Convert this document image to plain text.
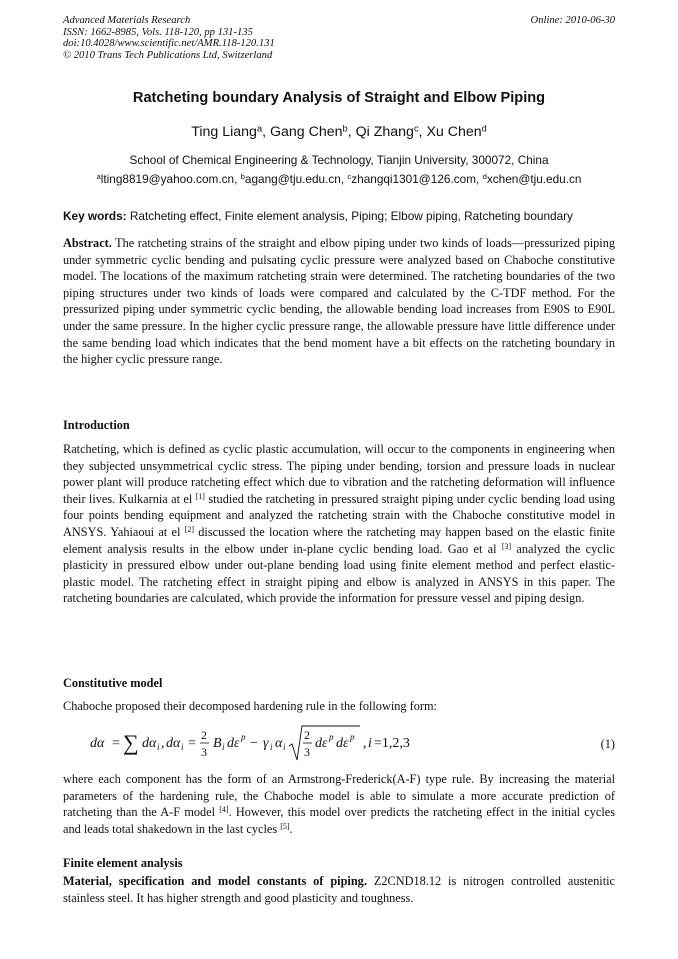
Advanced Materials Research
ISSN: 1662-8985, Vols. 118-120, pp 131-135
doi:10.4028/www.scientific.net/AMR.118-120.131
© 2010 Trans Tech Publications Ltd, Switzerland
Online: 2010-06-30
Ratcheting boundary Analysis of Straight and Elbow Piping
Ting Liang$^a$, Gang Chen$^b$, Qi Zhang$^c$, Xu Chen$^d$
School of Chemical Engineering & Technology, Tianjin University, 300072, China
$^a$lting8819@yahoo.com.cn, $^b$agang@tju.edu.cn, $^c$zhangqi1301@126.com, $^d$xchen@tju.edu.cn
Key words: Ratcheting effect, Finite element analysis, Piping; Elbow piping, Ratcheting boundary

Abstract. The ratcheting strains of the straight and elbow piping under two kinds of loads—pressurized piping under symmetric cyclic bending and pulsating cyclic pressure were analyzed based on Chaboche constitutive model. The locations of the maximum ratcheting strain were determined. The ratcheting boundaries of the two piping structures under two kinds of loads were compared and calculated by the C-TDF method. For the pressurized piping under symmetric cyclic bending, the allowable bending load increases from E90S to E90L under the same pressure. In the higher cyclic pressure range, the allowable pressure have little difference under the same bending load which indicates that the bend moment have a bit effects on the ratcheting boundary in the higher cyclic pressure range.

Introduction

Ratcheting, which is defined as cyclic plastic accumulation, will occur to the components in engineering when they subjected unsymmetrical cyclic stress. The piping under bending, torsion and pressure loads in nuclear power plant will produce ratcheting effect which due to vibration and the ratcheting deformation will influence their lives. Kulkarnia at el [1] studied the ratcheting in pressured straight piping under cyclic bending load using four points bending equipment and analyzed the ratcheting strain with the Chaboche constitutive model in ANSYS. Yahiaoui at el [2] discussed the location where the ratcheting may happen based on the elastic finite element analysis results in the elbow under in-plane cyclic bending load. Gao et al [3] analyzed the cyclic plasticity in pressured elbow under out-plane bending load using finite element method and perfect elastic-plastic model. The ratcheting effect in straight piping and elbow is analyzed in ANSYS in this paper. The ratcheting boundaries are calculated, which provide the information for pressure vessel and piping design.

Constitutive model

Chaboche proposed their decomposed hardening rule in the following form:

dα = ∑ dα i , dα i =
2
3
B i dε p − γ i α i
2
3
dε p dε p , i =1,2,3	(1)

where each component has the form of an Armstrong-Frederick(A-F) type rule. By increasing the material parameters of the hardening rule, the Chaboche model is able to simulate a more accurate prediction of ratcheting than the A-F model [4]. However, this model over predicts the ratcheting effect in the initial cycles and leads total shakedown in the last cycles [5].

Finite element analysis

Material, specification and model constants of piping. Z2CND18.12 is nitrogen controlled austenitic stainless steel. It has higher strength and good plasticity and toughness.
